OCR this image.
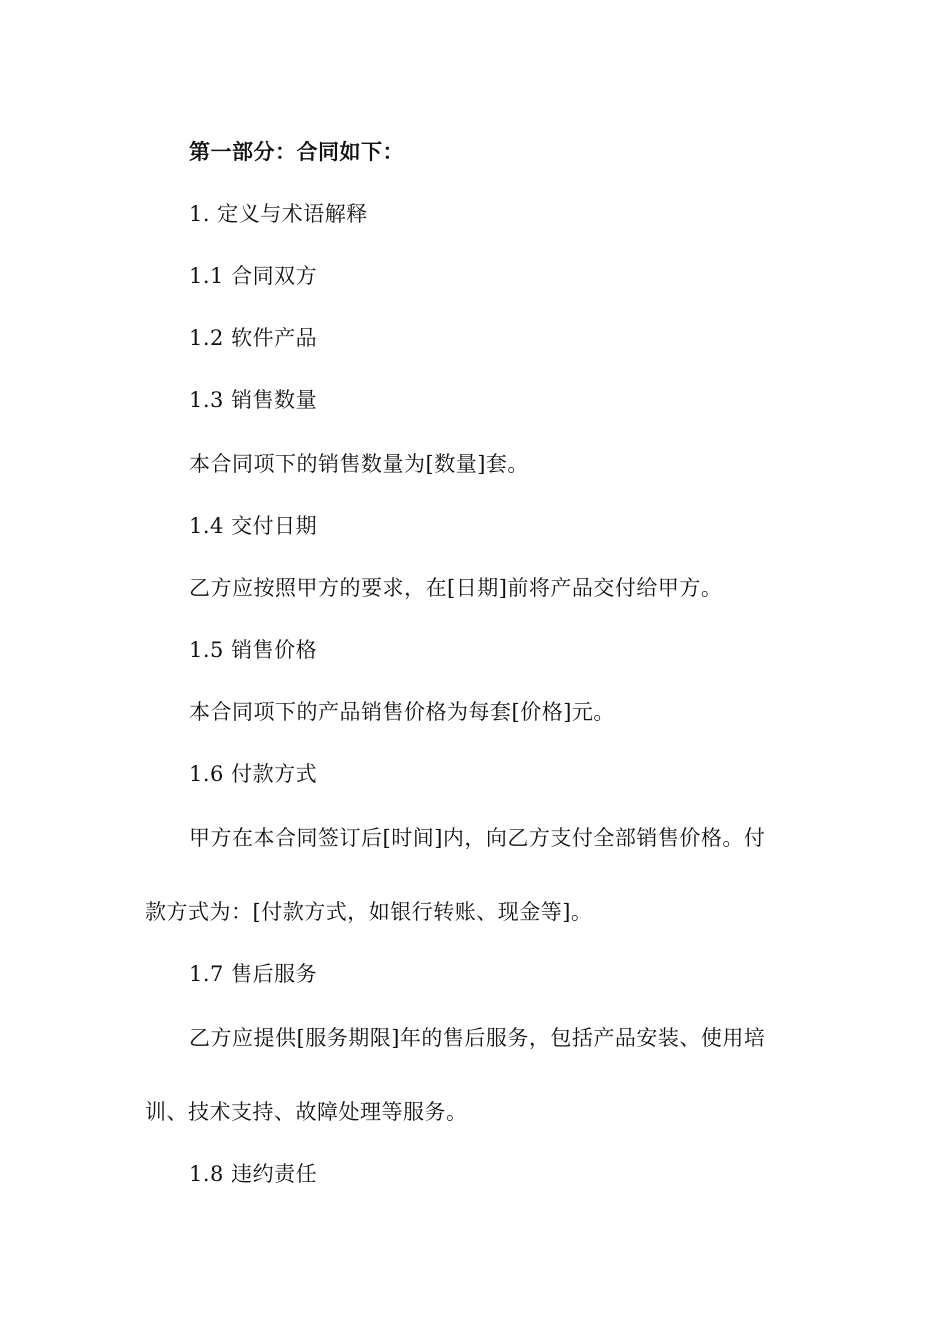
第一部分：合同如下：
1. 定义与术语解释
1.1 合同双方
1.2 软件产品
1.3 销售数量
本合同项下的销售数量为[数量]套。
1.4 交付日期
乙方应按照甲方的要求，在[日期]前将产品交付给甲方。
1.5 销售价格
本合同项下的产品销售价格为每套[价格]元。
1.6 付款方式
甲方在本合同签订后[时间]内，向乙方支付全部销售价格。付
款方式为：[付款方式，如银行转账、现金等]。
1.7 售后服务
乙方应提供[服务期限]年的售后服务，包括产品安装、使用培
训、技术支持、故障处理等服务。
1.8 违约责任
